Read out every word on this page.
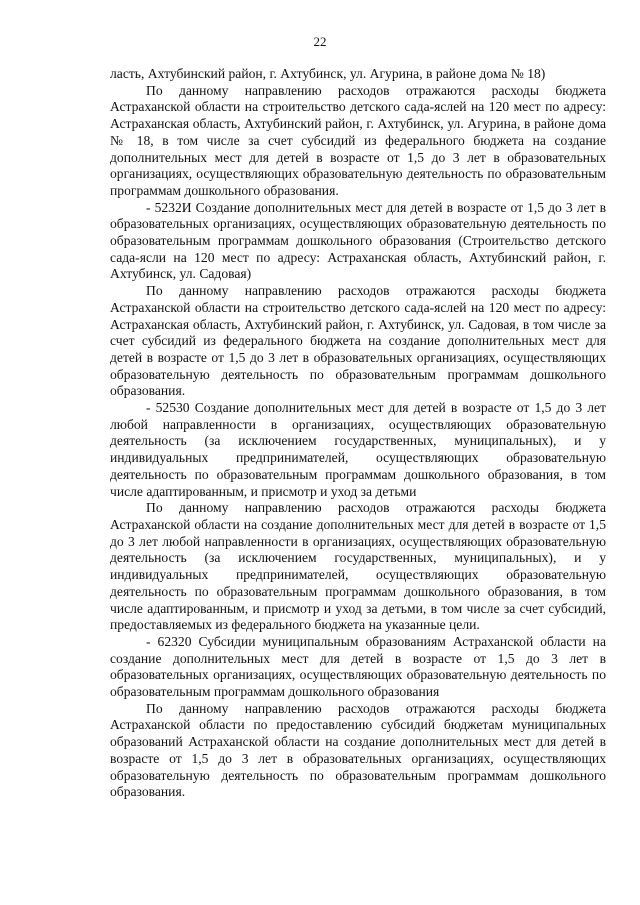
22

ласть, Ахтубинский район, г. Ахтубинск, ул. Агурина, в районе дома № 18)

По данному направлению расходов отражаются расходы бюджета Астраханской области на строительство детского сада-яслей на 120 мест по адресу: Астраханская область, Ахтубинский район, г. Ахтубинск, ул. Агурина, в районе дома № 18, в том числе за счет субсидий из федерального бюджета на создание дополнительных мест для детей в возрасте от 1,5 до 3 лет в образовательных организациях, осуществляющих образовательную деятельность по образовательным программам дошкольного образования.

- 5232И Создание дополнительных мест для детей в возрасте от 1,5 до 3 лет в образовательных организациях, осуществляющих образовательную деятельность по образовательным программам дошкольного образования (Строительство детского сада-ясли на 120 мест по адресу: Астраханская область, Ахтубинский район, г. Ахтубинск, ул. Садовая)

По данному направлению расходов отражаются расходы бюджета Астраханской области на строительство детского сада-яслей на 120 мест по адресу: Астраханская область, Ахтубинский район, г. Ахтубинск, ул. Садовая, в том числе за счет субсидий из федерального бюджета на создание дополнительных мест для детей в возрасте от 1,5 до 3 лет в образовательных организациях, осуществляющих образовательную деятельность по образовательным программам дошкольного образования.

- 52530 Создание дополнительных мест для детей в возрасте от 1,5 до 3 лет любой направленности в организациях, осуществляющих образовательную деятельность (за исключением государственных, муниципальных), и у индивидуальных предпринимателей, осуществляющих образовательную деятельность по образовательным программам дошкольного образования, в том числе адаптированным, и присмотр и уход за детьми

По данному направлению расходов отражаются расходы бюджета Астраханской области на создание дополнительных мест для детей в возрасте от 1,5 до 3 лет любой направленности в организациях, осуществляющих образовательную деятельность (за исключением государственных, муниципальных), и у индивидуальных предпринимателей, осуществляющих образовательную деятельность по образовательным программам дошкольного образования, в том числе адаптированным, и присмотр и уход за детьми, в том числе за счет субсидий, предоставляемых из федерального бюджета на указанные цели.

- 62320 Субсидии муниципальным образованиям Астраханской области на создание дополнительных мест для детей в возрасте от 1,5 до 3 лет в образовательных организациях, осуществляющих образовательную деятельность по образовательным программам дошкольного образования

По данному направлению расходов отражаются расходы бюджета Астраханской области по предоставлению субсидий бюджетам муниципальных образований Астраханской области на создание дополнительных мест для детей в возрасте от 1,5 до 3 лет в образовательных организациях, осуществляющих образовательную деятельность по образовательным программам дошкольного образования.
